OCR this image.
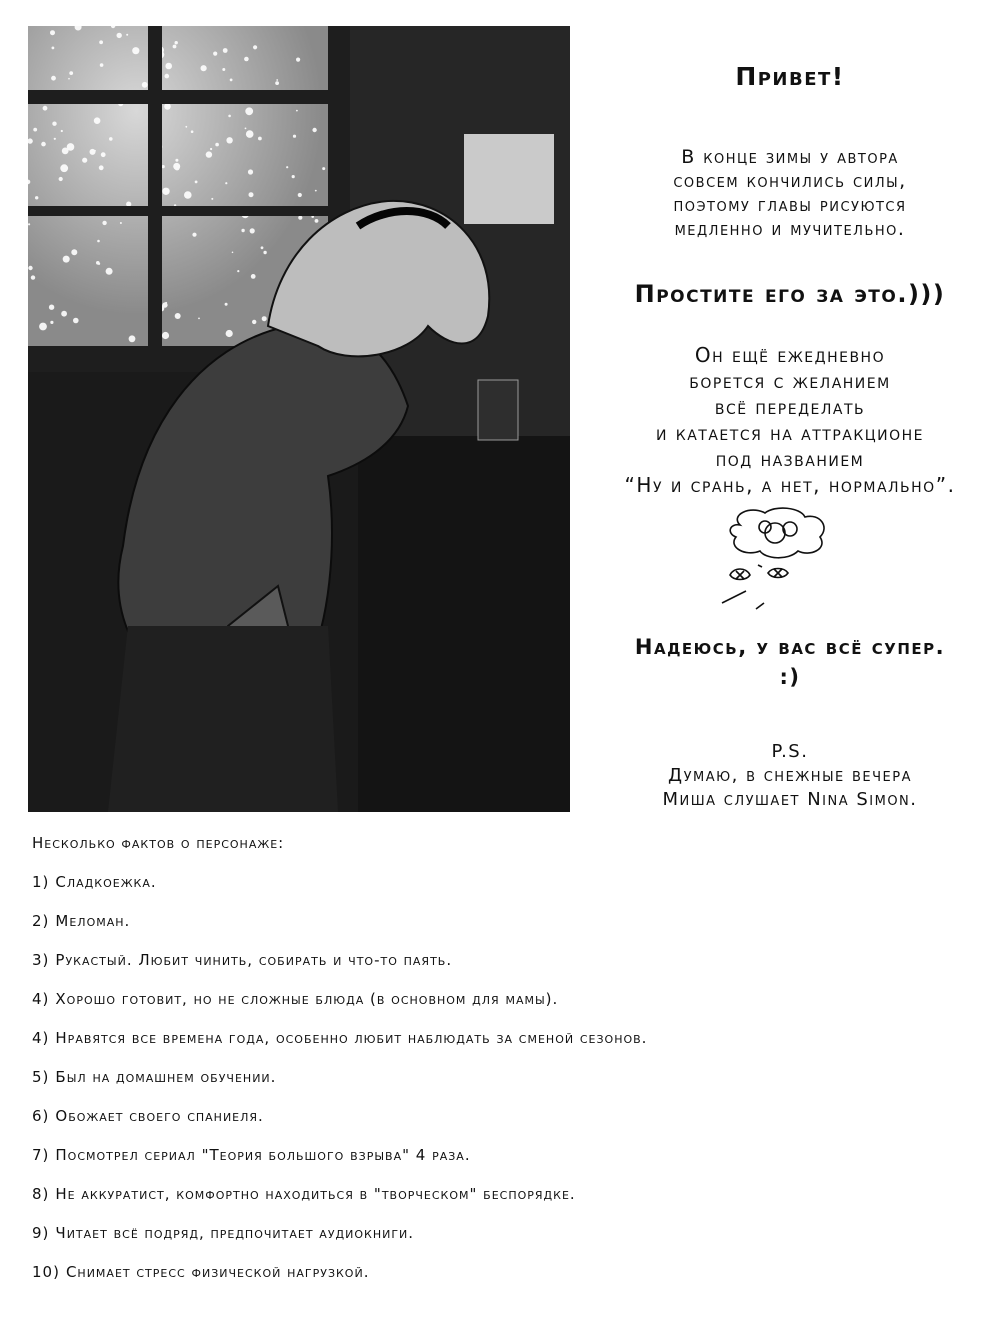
Привет!
В конце зимы у автора
совсем кончились силы,
поэтому главы рисуются
медленно и мучительно.
Простите его за это.)))
Он ещё ежедневно
борется с желанием
всё переделать
и катается на аттракционе
под названием
“Ну и срань, а нет, нормально”.
Надеюсь, у вас всё супер.
:)
P.S.
Думаю, в снежные вечера
Миша слушает Nina Simon.
Несколько фактов о персонаже:
1) Сладкоежка.
2) Меломан.
3) Рукастый. Любит чинить, собирать и что-то паять.
4) Хорошо готовит, но не сложные блюда (в основном для мамы).
4) Нравятся все времена года, особенно любит наблюдать за сменой сезонов.
5) Был на домашнем обучении.
6) Обожает своего спаниеля.
7) Посмотрел сериал "Теория большого взрыва" 4 раза.
8) Не аккуратист, комфортно находиться в "творческом" беспорядке.
9) Читает всё подряд, предпочитает аудиокниги.
10) Снимает стресс физической нагрузкой.
